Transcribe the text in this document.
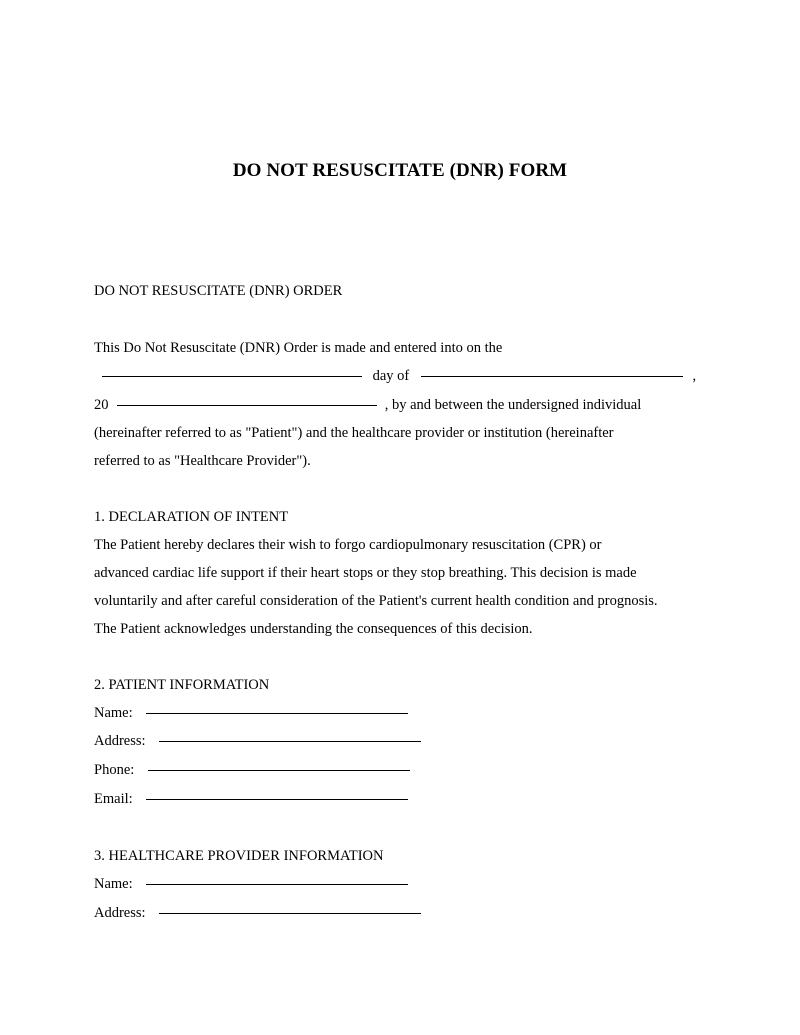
DO NOT RESUSCITATE (DNR) FORM
DO NOT RESUSCITATE (DNR) ORDER
This Do Not Resuscitate (DNR) Order is made and entered into on the
day of	,
20	, by and between the undersigned individual
(hereinafter referred to as "Patient") and the healthcare provider or institution (hereinafter
referred to as "Healthcare Provider").
1. DECLARATION OF INTENT
The Patient hereby declares their wish to forgo cardiopulmonary resuscitation (CPR) or
advanced cardiac life support if their heart stops or they stop breathing. This decision is made
voluntarily and after careful consideration of the Patient's current health condition and prognosis.
The Patient acknowledges understanding the consequences of this decision.
2. PATIENT INFORMATION
Name:
Address:
Phone:
Email:
3. HEALTHCARE PROVIDER INFORMATION
Name:
Address:
